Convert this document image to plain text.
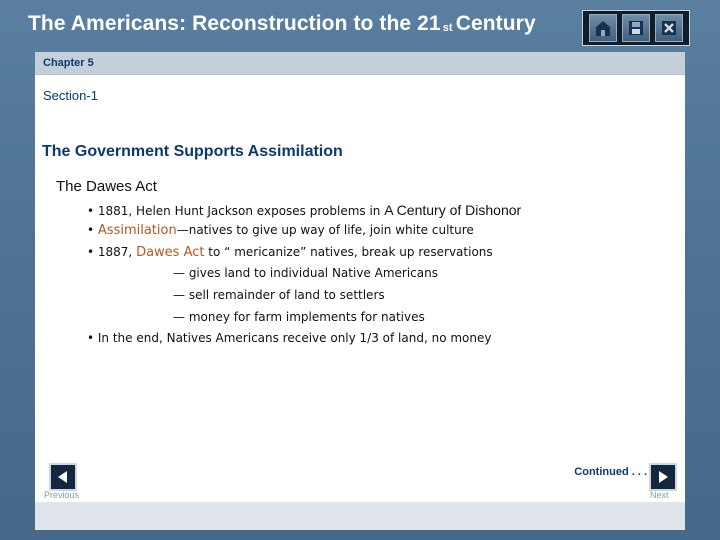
The Americans: Reconstruction to the 21 $^{st}$ Century
Chapter 5
Section-1
The Government Supports Assimilation
The Dawes Act
• 1881, Helen Hunt Jackson exposes problems in A Century of Dishonor
• Assimilation—natives to give up way of life, join white culture
• 1887, Dawes Act to “ mericanize” natives, break up reservations
— gives land to individual Native Americans
— sell remainder of land to settlers
— money for farm implements for natives
• In the end, Natives Americans receive only 1/3 of land, no money
Continued . . .
Previous	Next
